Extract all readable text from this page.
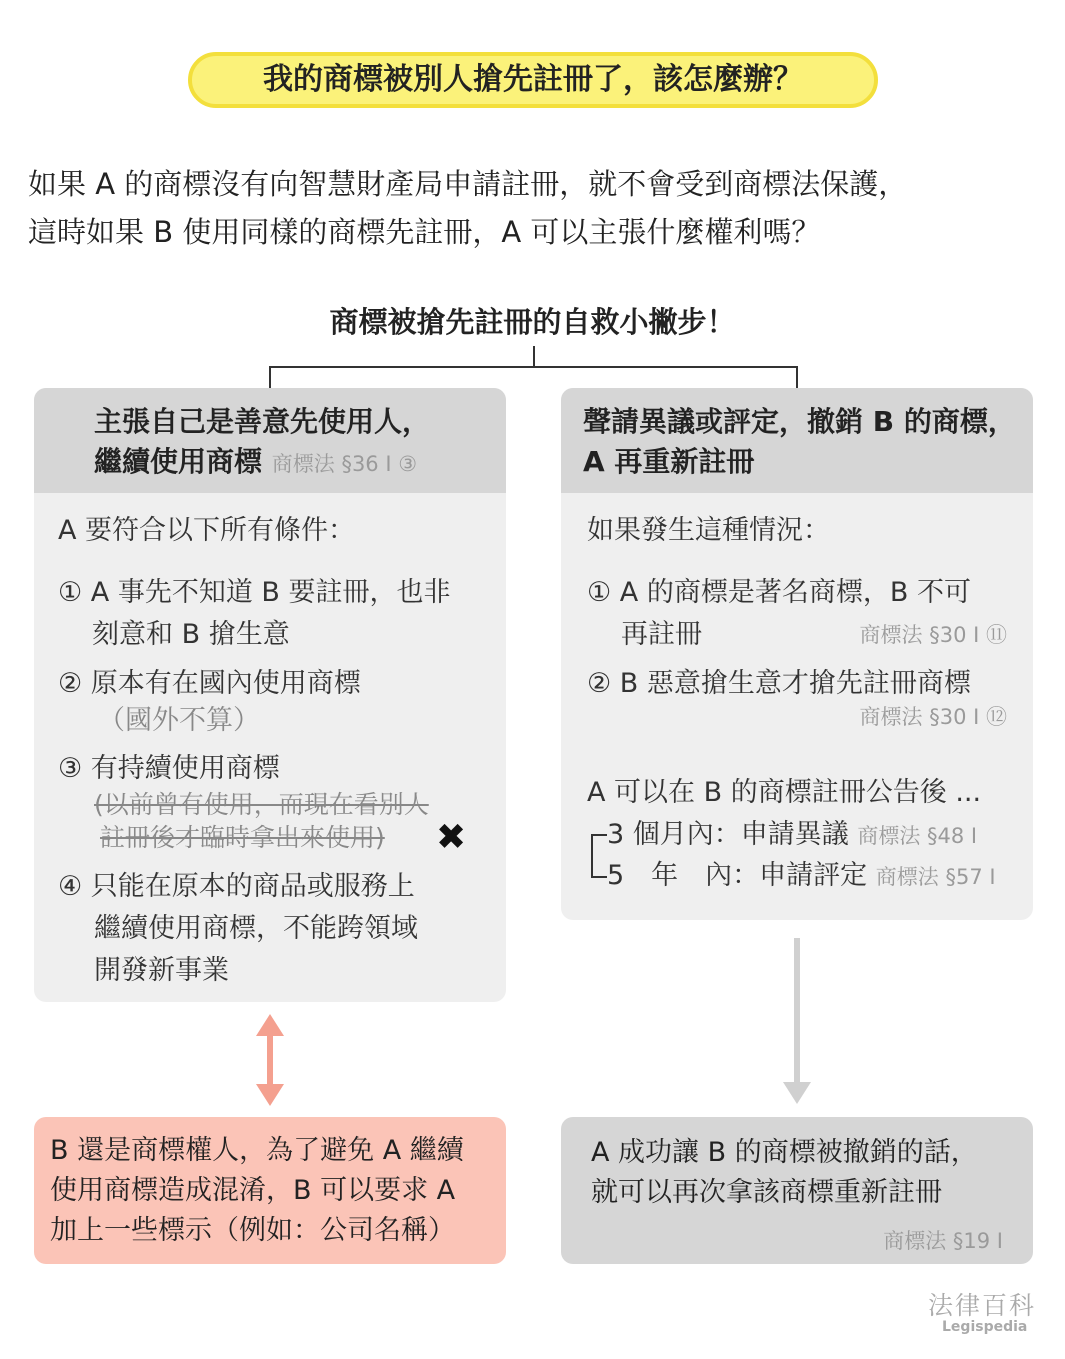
我的商標被別人搶先註冊了，該怎麼辦？
如果 A 的商標沒有向智慧財產局申請註冊，就不會受到商標法保護，
這時如果 B 使用同樣的商標先註冊，A 可以主張什麼權利嗎？
商標被搶先註冊的自救小撇步！
主張自己是善意先使用人，
繼續使用商標 商標法 §36 I ③
A 要符合以下所有條件：
① A 事先不知道 B 要註冊，也非
刻意和 B 搶生意
② 原本有在國內使用商標
（國外不算）
③ 有持續使用商標
(以前曾有使用，而現在看別人
註冊後才臨時拿出來使用) ✖
④ 只能在原本的商品或服務上
繼續使用商標，不能跨領域
開發新事業
聲請異議或評定，撤銷 B 的商標，
A 再重新註冊
如果發生這種情況：
① A 的商標是著名商標，B 不可
再註冊	商標法 §30 I ⑪
② B 惡意搶生意才搶先註冊商標
商標法 §30 I ⑫
A 可以在 B 的商標註冊公告後 ...
3 個月內：申請異議 商標法 §48 I
5　年　內：申請評定 商標法 §57 I
B 還是商標權人，為了避免 A 繼續
使用商標造成混淆，B 可以要求 A
加上一些標示（例如：公司名稱）
A 成功讓 B 的商標被撤銷的話，
就可以再次拿該商標重新註冊
商標法 §19 I
法律百科
Legispedia
